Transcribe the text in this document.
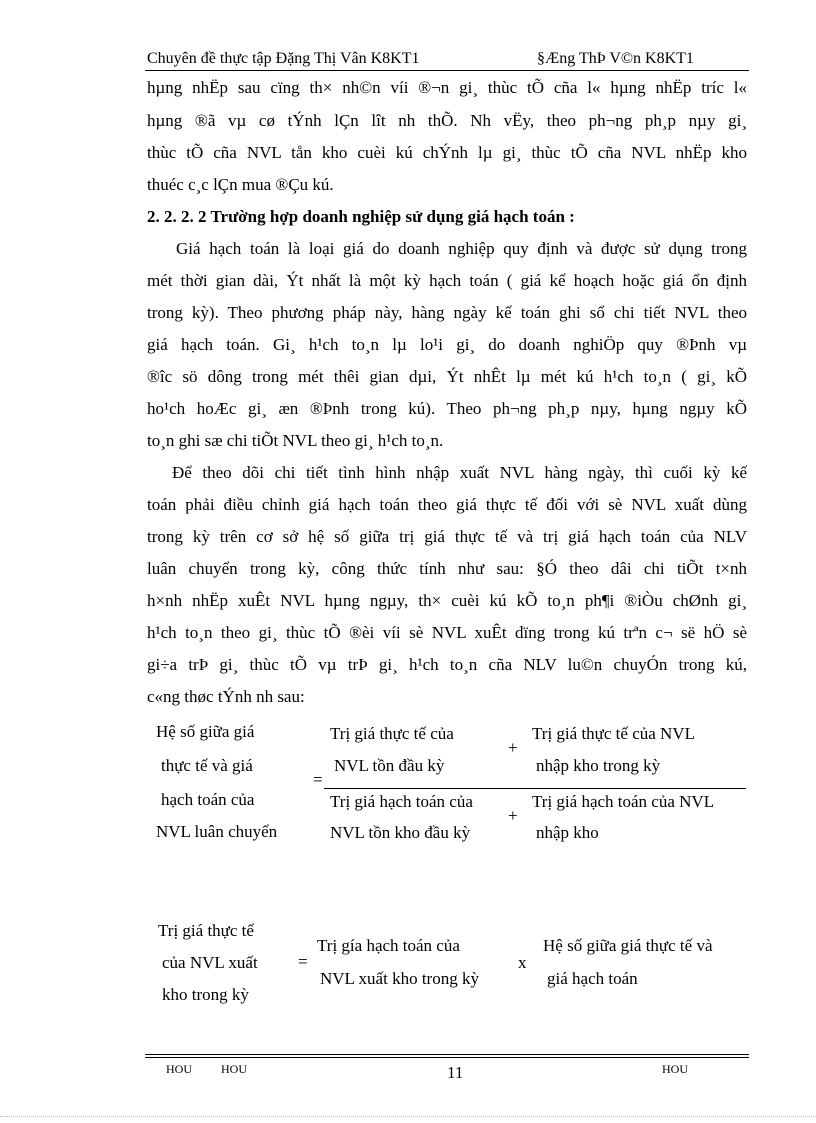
Chuyên đề thực tập Đặng Thị Vân K8KT1	§Æng ThÞ V©n K8KT1
hµng nhËp sau cïng th× nh©n víi ®¬n gi¸ thùc tÕ cña l« hµng nhËp tríc l«
hµng ®ã vµ cø tÝnh lÇn lît nh thÕ. Nh vËy, theo ph¬ng ph¸p nµy gi¸
thùc tÕ cña NVL tån kho cuèi kú chÝnh lµ gi¸ thùc tÕ cña NVL nhËp kho
thuéc c¸c lÇn mua ®Çu kú.
2. 2. 2. 2 Trường hợp doanh nghiệp sử dụng giá hạch toán :
Giá hạch toán là loại giá do doanh nghiệp quy định và được sử dụng trong
mét thời gian dài, Ýt nhất là một kỳ hạch toán ( giá kế hoạch hoặc giá ổn định
trong kỳ). Theo phương pháp này, hàng ngày kế toán ghi sổ chi tiết NVL theo
giá hạch toán. Gi¸ h¹ch to¸n lµ lo¹i gi¸ do doanh nghiÖp quy ®Þnh vµ
®îc sö dông trong mét thêi gian dµi, Ýt nhÊt lµ mét kú h¹ch to¸n ( gi¸ kÕ
ho¹ch hoÆc gi¸ æn ®Þnh trong kú). Theo ph¬ng ph¸p nµy, hµng ngµy kÕ
to¸n ghi sæ chi tiÕt NVL theo gi¸ h¹ch to¸n.
Để theo dõi chi tiết tình hình nhập xuất NVL hàng ngày, thì cuối kỳ kế
toán phải điều chỉnh giá hạch toán theo giá thực tế đối với sè NVL xuất dùng
trong kỳ trên cơ sở hệ số giữa trị giá thực tế và trị giá hạch toán của NLV
luân chuyển trong kỳ, công thức tính như sau: §Ó theo dâi chi tiÕt t×nh
h×nh nhËp xuÊt NVL hµng ngµy, th× cuèi kú kÕ to¸n ph¶i ®iÒu chØnh gi¸
h¹ch to¸n theo gi¸ thùc tÕ ®èi víi sè NVL xuÊt dïng trong kú trªn c¬ së hÖ sè
gi÷a trÞ gi¸ thùc tÕ vµ trÞ gi¸ h¹ch to¸n cña NLV lu©n chuyÓn trong kú,
c«ng thøc tÝnh nh sau:
Hệ số giữa giá
thực tế và giá
hạch toán của
NVL luân chuyển
=
Trị giá thực tế của
NVL tồn đầu kỳ
+
Trị giá thực tế của NVL
nhập kho trong kỳ
Trị giá hạch toán của
NVL tồn kho đầu kỳ
+
Trị giá hạch toán của NVL
nhập kho
Trị giá thực tế
của NVL xuất
kho trong kỳ
=
Trị gía hạch toán của
NVL xuất kho trong kỳ
x
Hệ số giữa giá thực tế và
giá hạch toán
HOU HOU	11	HOU
